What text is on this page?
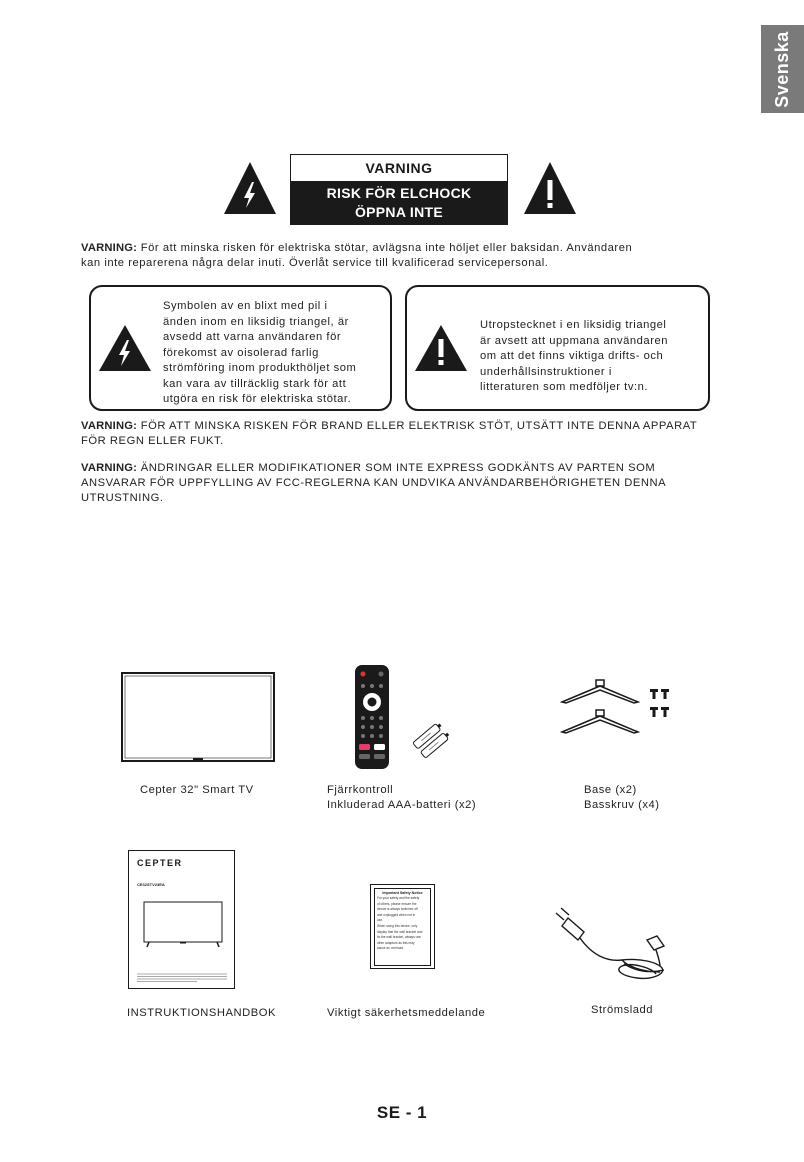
Svenska
VARNING
RISK FÖR ELCHOCK
ÖPPNA INTE
VARNING: För att minska risken för elektriska stötar, avlägsna inte höljet eller baksidan. Användaren
kan inte reparerena några delar inuti. Överlåt service till kvalificerad servicepersonal.
Symbolen av en blixt med pil i
änden inom en liksidig triangel, är
avsedd att varna användaren för
förekomst av oisolerad farlig
strömföring inom produkthöljet som
kan vara av tillräcklig stark för att
utgöra en risk för elektriska stötar.
Utropstecknet i en liksidig triangel
är avsett att uppmana användaren
om att det finns viktiga drifts- och
underhållsinstruktioner i
litteraturen som medföljer tv:n.
VARNING: FÖR ATT MINSKA RISKEN FÖR BRAND ELLER ELEKTRISK STÖT, UTSÄTT INTE DENNA APPARAT
FÖR REGN ELLER FUKT.
VARNING: ÄNDRINGAR ELLER MODIFIKATIONER SOM INTE EXPRESS GODKÄNTS AV PARTEN SOM
ANSVARAR FÖR UPPFYLLING AV FCC-REGLERNA KAN UNDVIKA ANVÄNDARBEHÖRIGHETEN DENNA
UTRUSTNING.
Cepter 32" Smart TV	Fjärrkontroll
Inkluderad AAA-batteri (x2)
Base (x2)
Basskruv (x4)
CEPTER
CE32STV23EA
INSTRUKTIONSHANDBOK
Important Safety Notice
For your safety and the safety
of others, please ensure the
device is always switched off
and unplugged when not in
use.
When using this device, only
display that the wall bracket and
fix the wall bracket, always use
other adaptors as this may
cause an overload.
Viktigt säkerhetsmeddelande	Strömsladd
SE - 1
